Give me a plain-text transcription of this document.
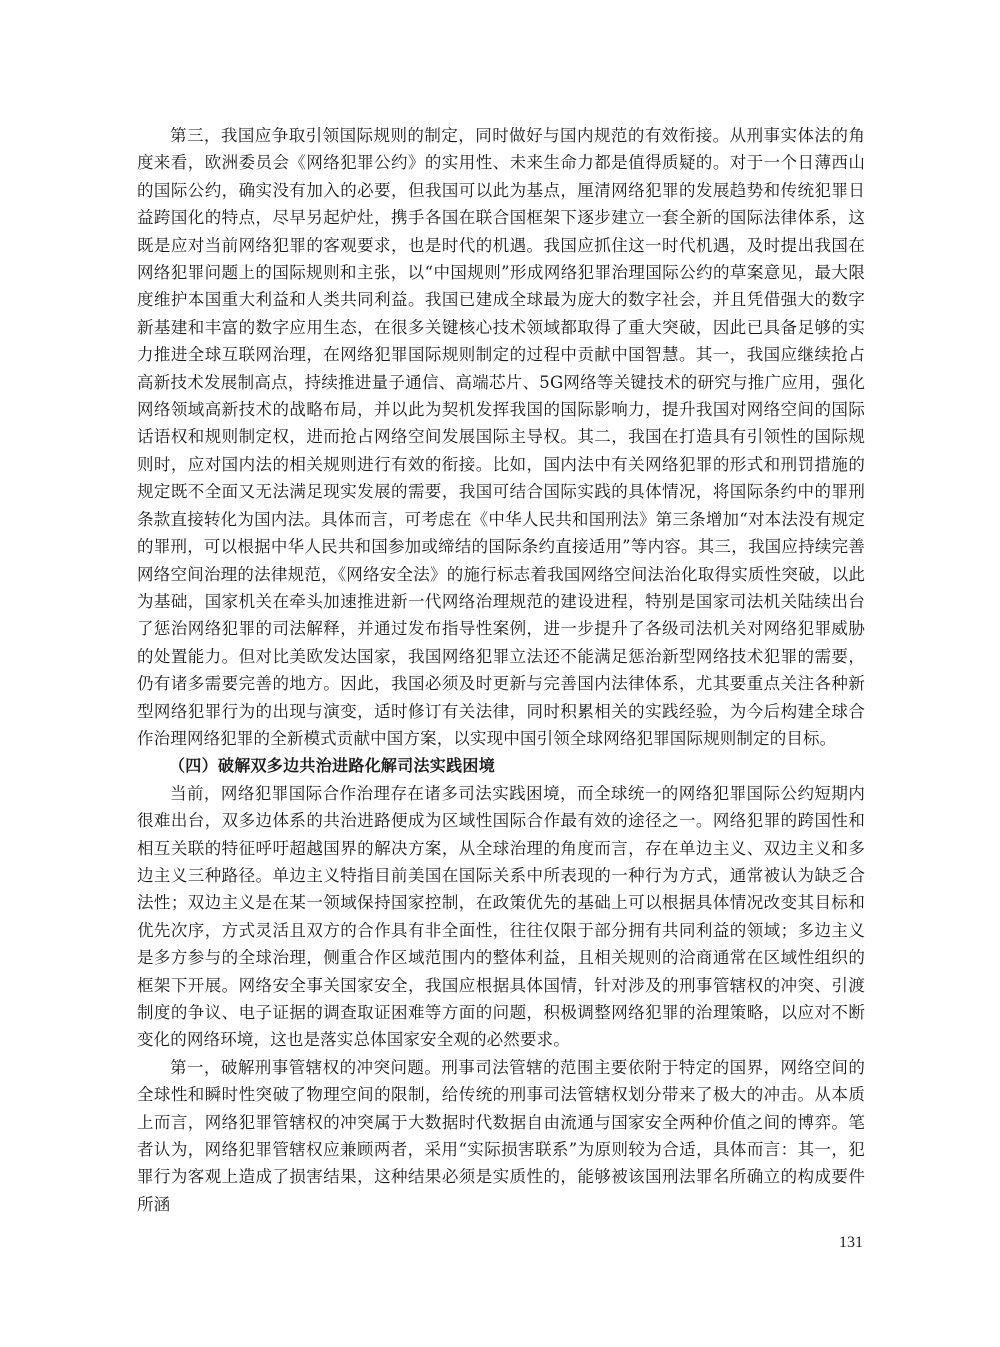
第三，我国应争取引领国际规则的制定，同时做好与国内规范的有效衔接。从刑事实体法的角度来看，欧洲委员会《网络犯罪公约》的实用性、未来生命力都是值得质疑的。对于一个日薄西山的国际公约，确实没有加入的必要，但我国可以此为基点，厘清网络犯罪的发展趋势和传统犯罪日益跨国化的特点，尽早另起炉灶，携手各国在联合国框架下逐步建立一套全新的国际法律体系，这既是应对当前网络犯罪的客观要求，也是时代的机遇。我国应抓住这一时代机遇，及时提出我国在网络犯罪问题上的国际规则和主张，以“中国规则”形成网络犯罪治理国际公约的草案意见，最大限度维护本国重大利益和人类共同利益。我国已建成全球最为庞大的数字社会，并且凭借强大的数字新基建和丰富的数字应用生态，在很多关键核心技术领域都取得了重大突破，因此已具备足够的实力推进全球互联网治理，在网络犯罪国际规则制定的过程中贡献中国智慧。其一，我国应继续抢占高新技术发展制高点，持续推进量子通信、高端芯片、5G网络等关键技术的研究与推广应用，强化网络领域高新技术的战略布局，并以此为契机发挥我国的国际影响力，提升我国对网络空间的国际话语权和规则制定权，进而抢占网络空间发展国际主导权。其二，我国在打造具有引领性的国际规则时，应对国内法的相关规则进行有效的衔接。比如，国内法中有关网络犯罪的形式和刑罚措施的规定既不全面又无法满足现实发展的需要，我国可结合国际实践的具体情况，将国际条约中的罪刑条款直接转化为国内法。具体而言，可考虑在《中华人民共和国刑法》第三条增加“对本法没有规定的罪刑，可以根据中华人民共和国参加或缔结的国际条约直接适用”等内容。其三，我国应持续完善网络空间治理的法律规范，《网络安全法》的施行标志着我国网络空间法治化取得实质性突破，以此为基础，国家机关在牵头加速推进新一代网络治理规范的建设进程，特别是国家司法机关陆续出台了惩治网络犯罪的司法解释，并通过发布指导性案例，进一步提升了各级司法机关对网络犯罪威胁的处置能力。但对比美欧发达国家，我国网络犯罪立法还不能满足惩治新型网络技术犯罪的需要，仍有诸多需要完善的地方。因此，我国必须及时更新与完善国内法律体系，尤其要重点关注各种新型网络犯罪行为的出现与演变，适时修订有关法律，同时积累相关的实践经验，为今后构建全球合作治理网络犯罪的全新模式贡献中国方案，以实现中国引领全球网络犯罪国际规则制定的目标。

（四）破解双多边共治进路化解司法实践困境

当前，网络犯罪国际合作治理存在诸多司法实践困境，而全球统一的网络犯罪国际公约短期内很难出台，双多边体系的共治进路便成为区域性国际合作最有效的途径之一。网络犯罪的跨国性和相互关联的特征呼吁超越国界的解决方案，从全球治理的角度而言，存在单边主义、双边主义和多边主义三种路径。单边主义特指目前美国在国际关系中所表现的一种行为方式，通常被认为缺乏合法性；双边主义是在某一领域保持国家控制，在政策优先的基础上可以根据具体情况改变其目标和优先次序，方式灵活且双方的合作具有非全面性，往往仅限于部分拥有共同利益的领域；多边主义是多方参与的全球治理，侧重合作区域范围内的整体利益，且相关规则的洽商通常在区域性组织的框架下开展。网络安全事关国家安全，我国应根据具体国情，针对涉及的刑事管辖权的冲突、引渡制度的争议、电子证据的调查取证困难等方面的问题，积极调整网络犯罪的治理策略，以应对不断变化的网络环境，这也是落实总体国家安全观的必然要求。

第一，破解刑事管辖权的冲突问题。刑事司法管辖的范围主要依附于特定的国界，网络空间的全球性和瞬时性突破了物理空间的限制，给传统的刑事司法管辖权划分带来了极大的冲击。从本质上而言，网络犯罪管辖权的冲突属于大数据时代数据自由流通与国家安全两种价值之间的博弈。笔者认为，网络犯罪管辖权应兼顾两者，采用“实际损害联系”为原则较为合适，具体而言：其一，犯罪行为客观上造成了损害结果，这种结果必须是实质性的，能够被该国刑法罪名所确立的构成要件所涵

131
